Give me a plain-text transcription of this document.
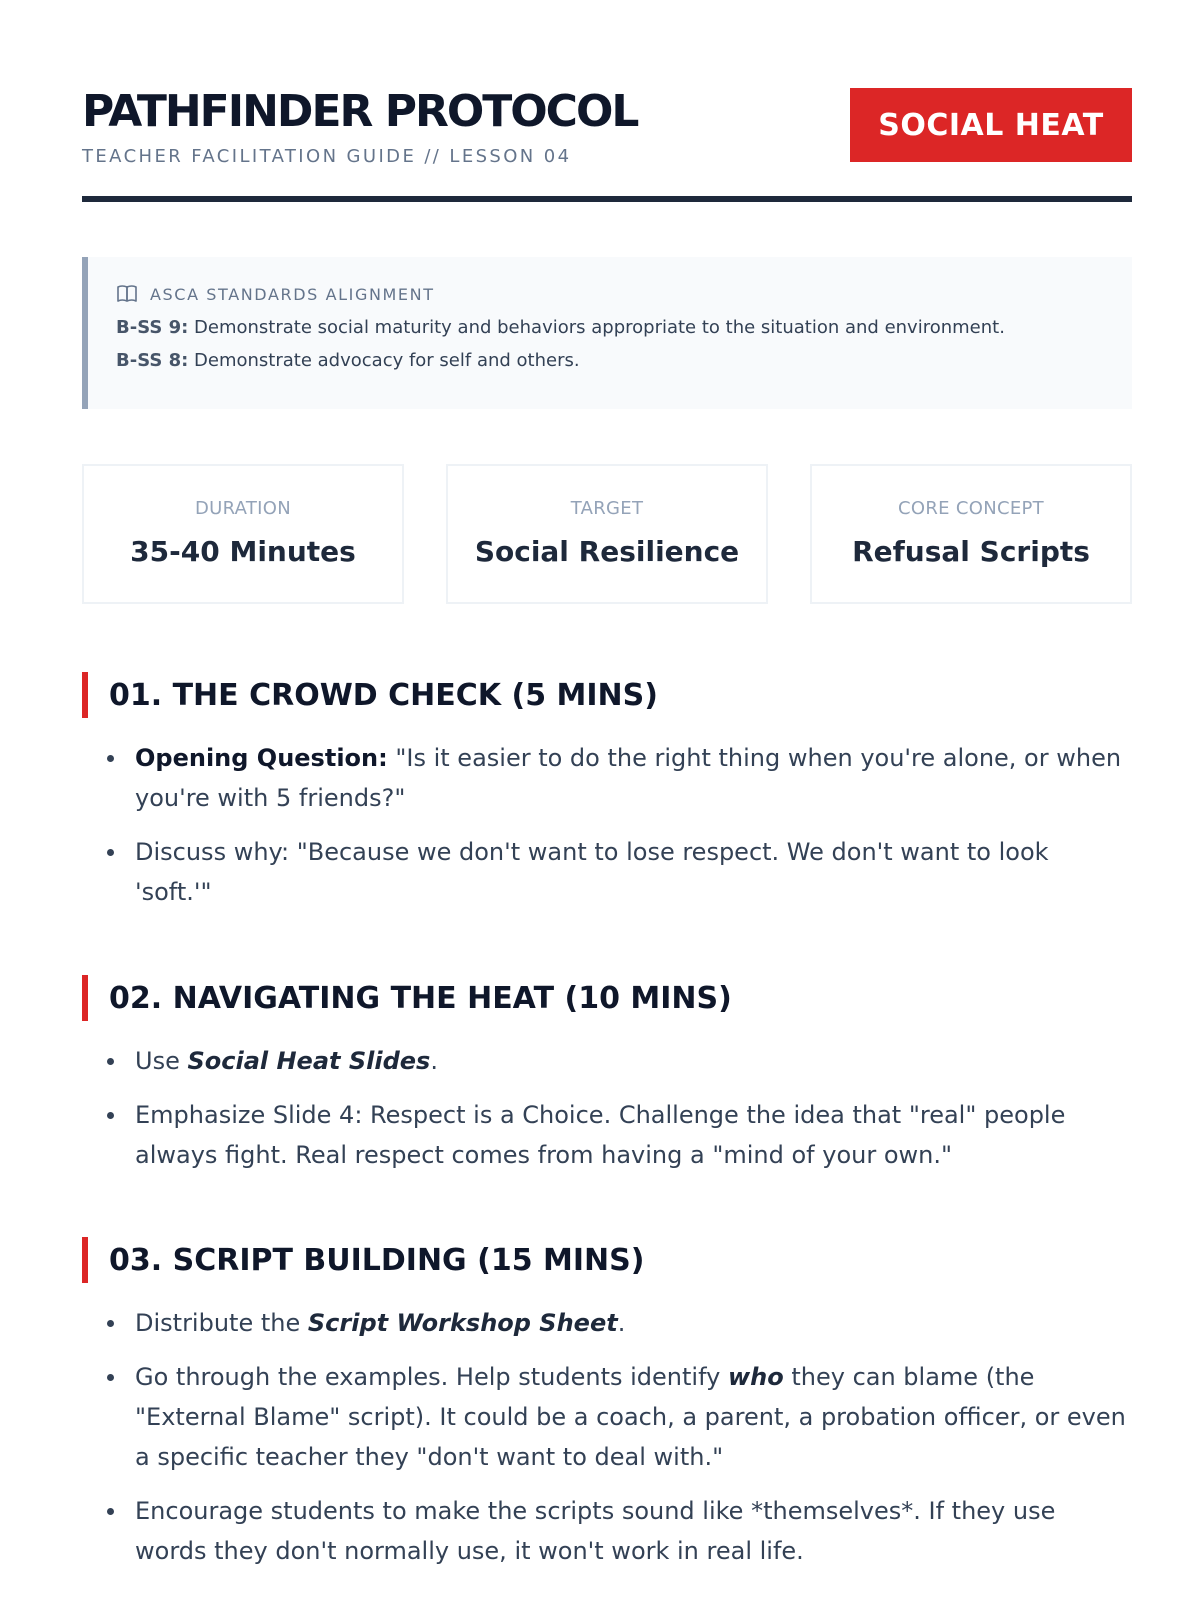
PATHFINDER PROTOCOL
TEACHER FACILITATION GUIDE // LESSON 04
SOCIAL HEAT
ASCA STANDARDS ALIGNMENT
B-SS 9: Demonstrate social maturity and behaviors appropriate to the situation and environment.
B-SS 8: Demonstrate advocacy for self and others.
DURATION
35-40 Minutes
TARGET
Social Resilience
CORE CONCEPT
Refusal Scripts
01. THE CROWD CHECK (5 MINS)
Opening Question: "Is it easier to do the right thing when you're alone, or when you're with 5 friends?"
Discuss why: "Because we don't want to lose respect. We don't want to look 'soft.'"
02. NAVIGATING THE HEAT (10 MINS)
Use Social Heat Slides.
Emphasize Slide 4: Respect is a Choice. Challenge the idea that "real" people always fight. Real respect comes from having a "mind of your own."
03. SCRIPT BUILDING (15 MINS)
Distribute the Script Workshop Sheet.
Go through the examples. Help students identify who they can blame (the "External Blame" script). It could be a coach, a parent, a probation officer, or even a specific teacher they "don't want to deal with."
Encourage students to make the scripts sound like *themselves*. If they use words they don't normally use, it won't work in real life.
